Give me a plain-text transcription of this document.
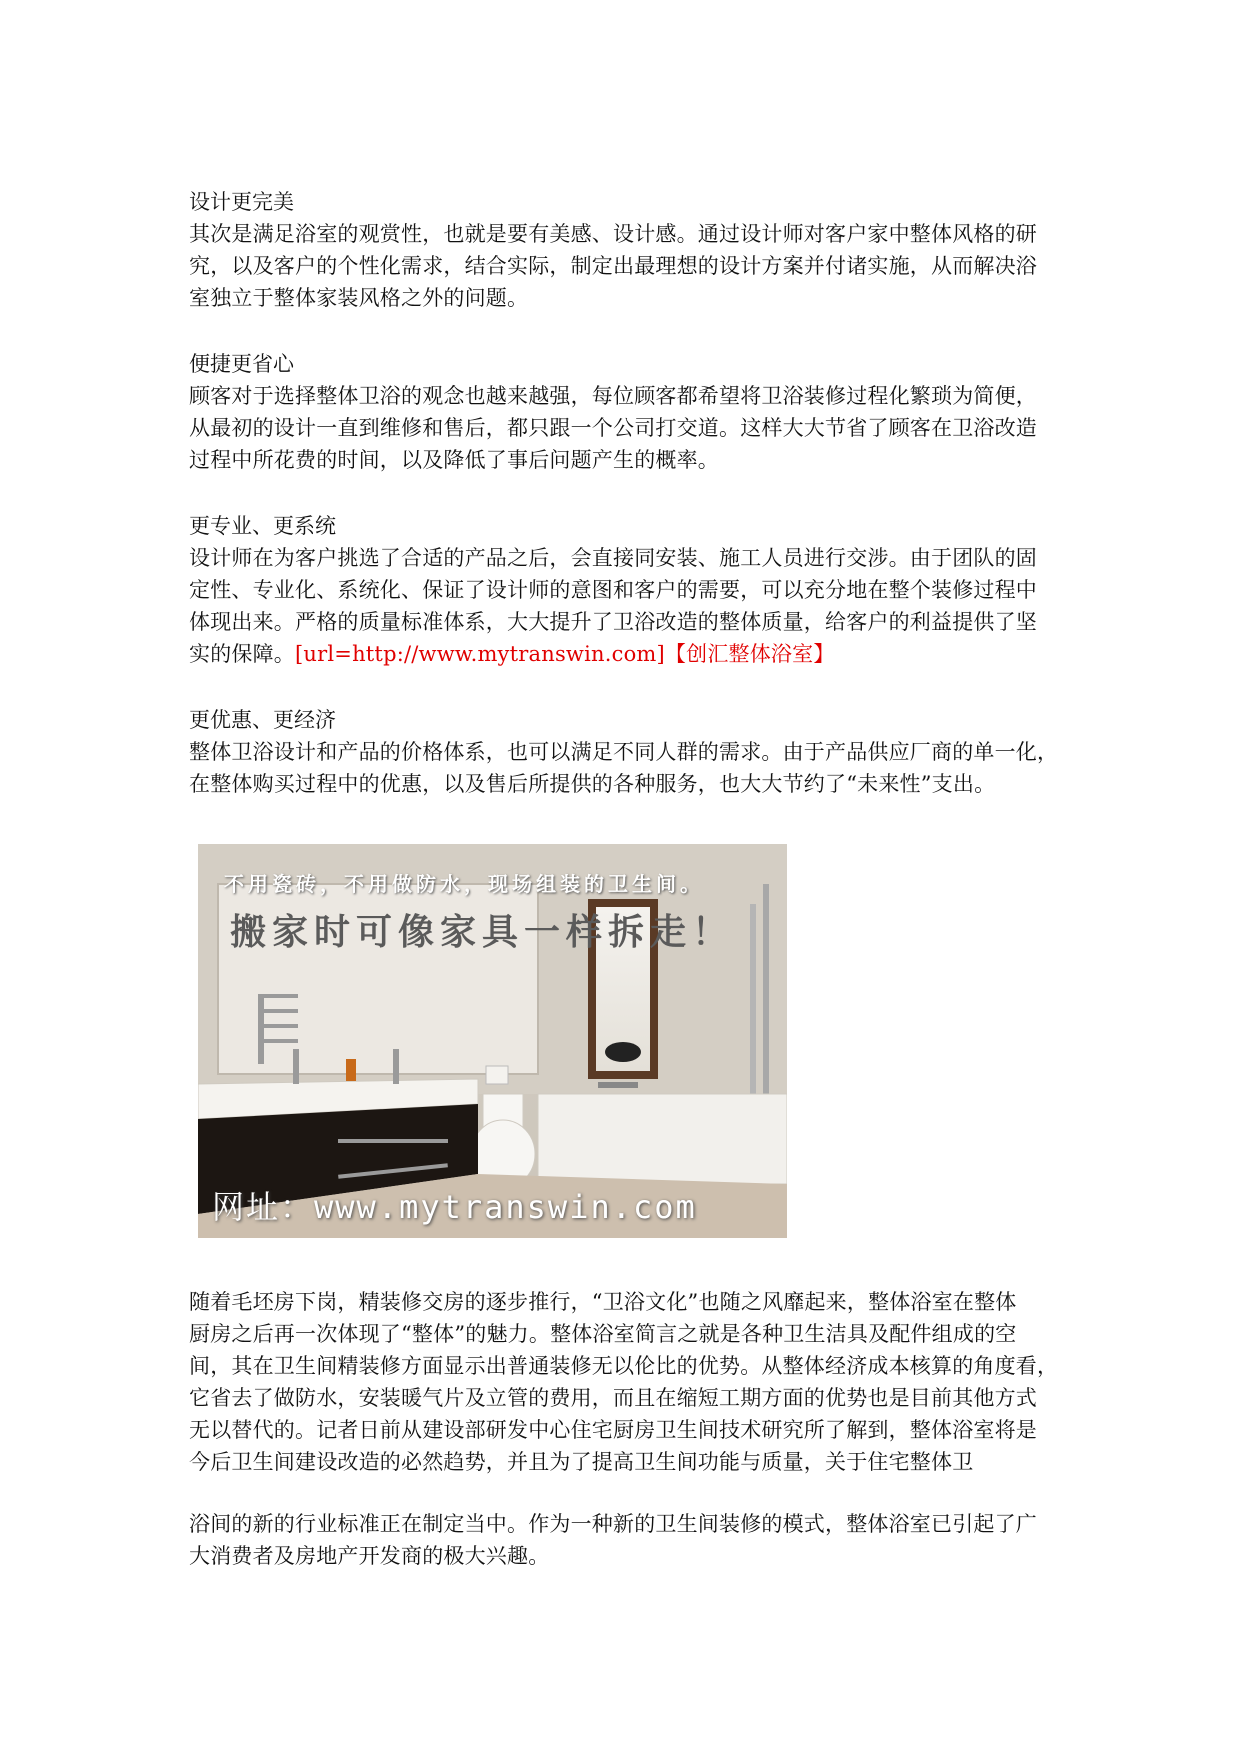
设计更完美

其次是满足浴室的观赏性，也就是要有美感、设计感。通过设计师对客户家中整体风格的研

究，以及客户的个性化需求，结合实际，制定出最理想的设计方案并付诸实施，从而解决浴

室独立于整体家装风格之外的问题。

便捷更省心

顾客对于选择整体卫浴的观念也越来越强，每位顾客都希望将卫浴装修过程化繁琐为简便，

从最初的设计一直到维修和售后，都只跟一个公司打交道。这样大大节省了顾客在卫浴改造

过程中所花费的时间，以及降低了事后问题产生的概率。

更专业、更系统

设计师在为客户挑选了合适的产品之后，会直接同安装、施工人员进行交涉。由于团队的固

定性、专业化、系统化、保证了设计师的意图和客户的需要，可以充分地在整个装修过程中

体现出来。严格的质量标准体系，大大提升了卫浴改造的整体质量，给客户的利益提供了坚

实的保障。[url=http://www.mytranswin.com]【创汇整体浴室】

更优惠、更经济

整体卫浴设计和产品的价格体系，也可以满足不同人群的需求。由于产品供应厂商的单一化，

在整体购买过程中的优惠，以及售后所提供的各种服务，也大大节约了“未来性”支出。

不用瓷砖，不用做防水，现场组装的卫生间。
搬家时可像家具一样拆走！
网址：www.mytranswin.com

随着毛坯房下岗，精装修交房的逐步推行，“卫浴文化”也随之风靡起来，整体浴室在整体

厨房之后再一次体现了“整体”的魅力。整体浴室简言之就是各种卫生洁具及配件组成的空

间，其在卫生间精装修方面显示出普通装修无以伦比的优势。从整体经济成本核算的角度看，

它省去了做防水，安装暖气片及立管的费用，而且在缩短工期方面的优势也是目前其他方式

无以替代的。记者日前从建设部研发中心住宅厨房卫生间技术研究所了解到，整体浴室将是

今后卫生间建设改造的必然趋势，并且为了提高卫生间功能与质量，关于住宅整体卫

浴间的新的行业标准正在制定当中。作为一种新的卫生间装修的模式，整体浴室已引起了广

大消费者及房地产开发商的极大兴趣。
